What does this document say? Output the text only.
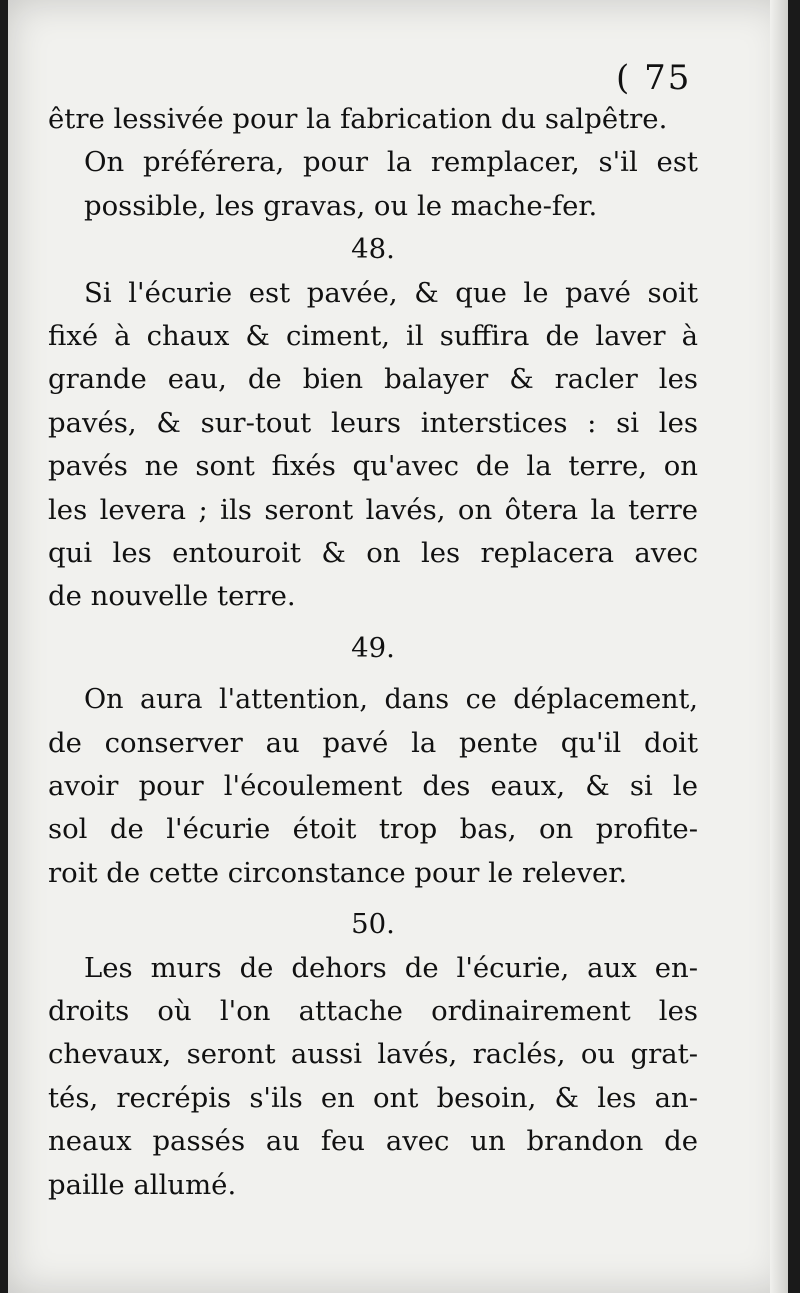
( 75

être lessivée pour la fabrication du salpêtre.

On préférera, pour la remplacer, s'il est
possible, les gravas, ou le mache-fer.

48.

Si l'écurie est pavée, & que le pavé soit
fixé à chaux & ciment, il suffira de laver à
grande eau, de bien balayer & racler les
pavés, & sur-tout leurs interstices : si les
pavés ne sont fixés qu'avec de la terre, on
les levera ; ils seront lavés, on ôtera la terre
qui les entouroit & on les replacera avec
de nouvelle terre.

49.

On aura l'attention, dans ce déplacement,
de conserver au pavé la pente qu'il doit
avoir pour l'écoulement des eaux, & si le
sol de l'écurie étoit trop bas, on profite-
roit de cette circonstance pour le relever.

50.

Les murs de dehors de l'écurie, aux en-
droits où l'on attache ordinairement les
chevaux, seront aussi lavés, raclés, ou grat-
tés, recrépis s'ils en ont besoin, & les an-
neaux passés au feu avec un brandon de
paille allumé.
